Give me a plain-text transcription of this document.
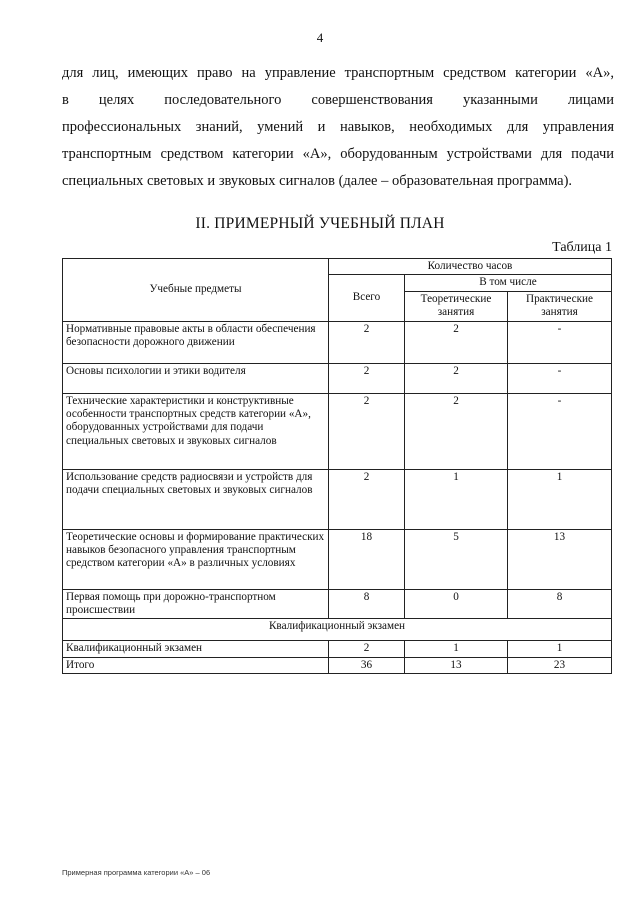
4
для лиц, имеющих право на управление транспортным средством категории «А»,
в целях последовательного совершенствования указанными лицами
профессиональных знаний, умений и навыков, необходимых для управления
транспортным средством категории «А», оборудованным устройствами для подачи
специальных световых и звуковых сигналов (далее – образовательная программа).
II. ПРИМЕРНЫЙ УЧЕБНЫЙ ПЛАН
Таблица 1
Учебные предметы	Количество часов		
	Всего	В том числе	
		Теоретические занятия	Практические занятия
Нормативные правовые акты в области обеспечения безопасности дорожного движении	2	2	-
Основы психологии и этики водителя	2	2	-
Технические характеристики и конструктивные особенности транспортных средств категории «А», оборудованных устройствами для подачи специальных световых и звуковых сигналов	2	2	-
Использование средств радиосвязи и устройств для подачи специальных световых и звуковых сигналов	2	1	1
Теоретические основы и формирование практических навыков безопасного управления транспортным средством категории «А» в различных условиях	18	5	13
Первая помощь при дорожно-транспортном происшествии	8	0	8
Квалификационный экзамен			
Квалификационный экзамен	2	1	1
Итого	36	13	23
Примерная программа категории «А» – 06
